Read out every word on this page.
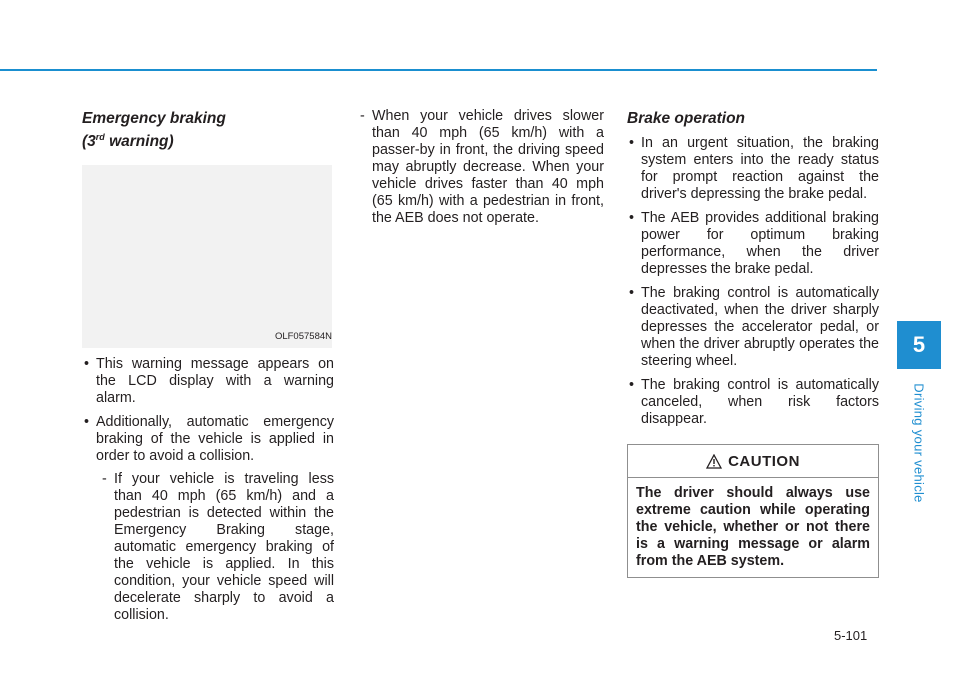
5
Driving your vehicle
Emergency braking
(3rd warning)
OLF057584N
• This warning message appears on the LCD display with a warning alarm.
• Additionally, automatic emergency braking of the vehicle is applied in order to avoid a collision.
- If your vehicle is traveling less than 40 mph (65 km/h) and a pedestrian is detected within the Emergency Braking stage, automatic emergency braking of the vehicle is applied. In this condition, your vehicle speed will decelerate sharply to avoid a collision.
- When your vehicle drives slower than 40 mph (65 km/h) with a passer-by in front, the driving speed may abruptly decrease. When your vehicle drives faster than 40 mph (65 km/h) with a pedestrian in front, the AEB does not operate.
Brake operation
• In an urgent situation, the braking system enters into the ready status for prompt reaction against the driver's depressing the brake pedal.
• The AEB provides additional braking power for optimum braking performance, when the driver depresses the brake pedal.
• The braking control is automatically deactivated, when the driver sharply depresses the accelerator pedal, or when the driver abruptly operates the steering wheel.
• The braking control is automatically canceled, when risk factors disappear.
CAUTION
The driver should always use extreme caution while operating the vehicle, whether or not there is a warning message or alarm from the AEB system.
5-101
